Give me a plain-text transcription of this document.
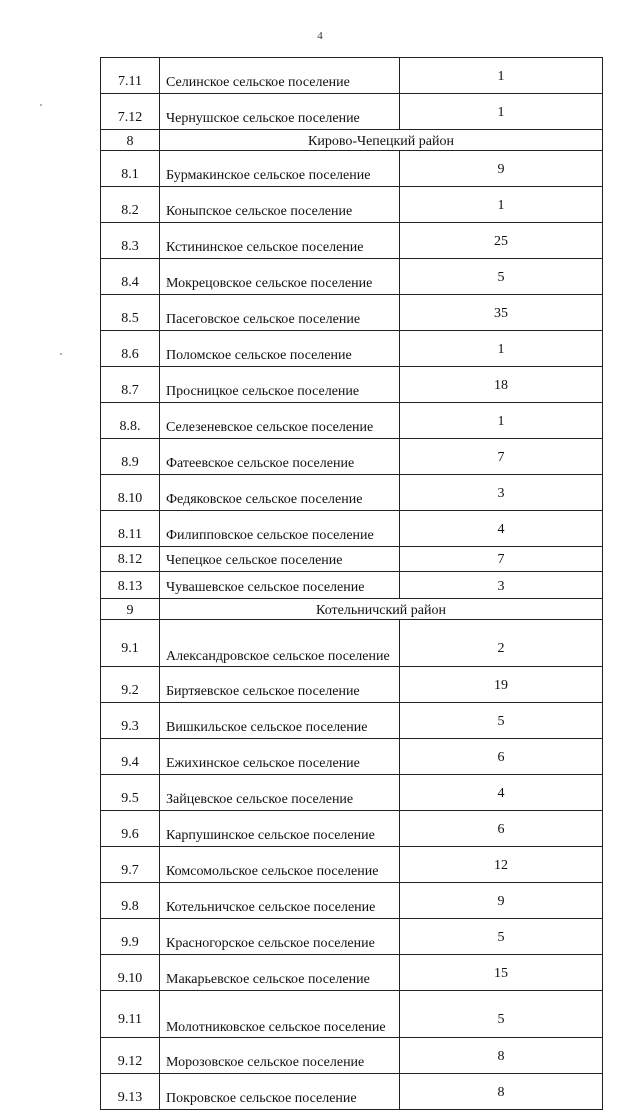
4
7.11	Селинское сельское поселение	1
7.12	Чернушское сельское поселение	1
8	Кирово-Чепецкий район	
8.1	Бурмакинское сельское поселение	9
8.2	Коныпское сельское поселение	1
8.3	Кстининское сельское поселение	25
8.4	Мокрецовское сельское поселение	5
8.5	Пасеговское сельское поселение	35
8.6	Поломское сельское поселение	1
8.7	Просницкое сельское поселение	18
8.8.	Селезеневское сельское поселение	1
8.9	Фатеевское сельское поселение	7
8.10	Федяковское сельское поселение	3
8.11	Филипповское сельское поселение	4
8.12	Чепецкое сельское поселение	7
8.13	Чувашевское сельское поселение	3
9	Котельничский район	
9.1	Александровское сельское поселение	2
9.2	Биртяевское сельское поселение	19
9.3	Вишкильское сельское поселение	5
9.4	Ежихинское сельское поселение	6
9.5	Зайцевское сельское поселение	4
9.6	Карпушинское сельское поселение	6
9.7	Комсомольское сельское поселение	12
9.8	Котельничское сельское поселение	9
9.9	Красногорское сельское поселение	5
9.10	Макарьевское сельское поселение	15
9.11	Молотниковское сельское поселение	5
9.12	Морозовское сельское поселение	8
9.13	Покровское сельское поселение	8
